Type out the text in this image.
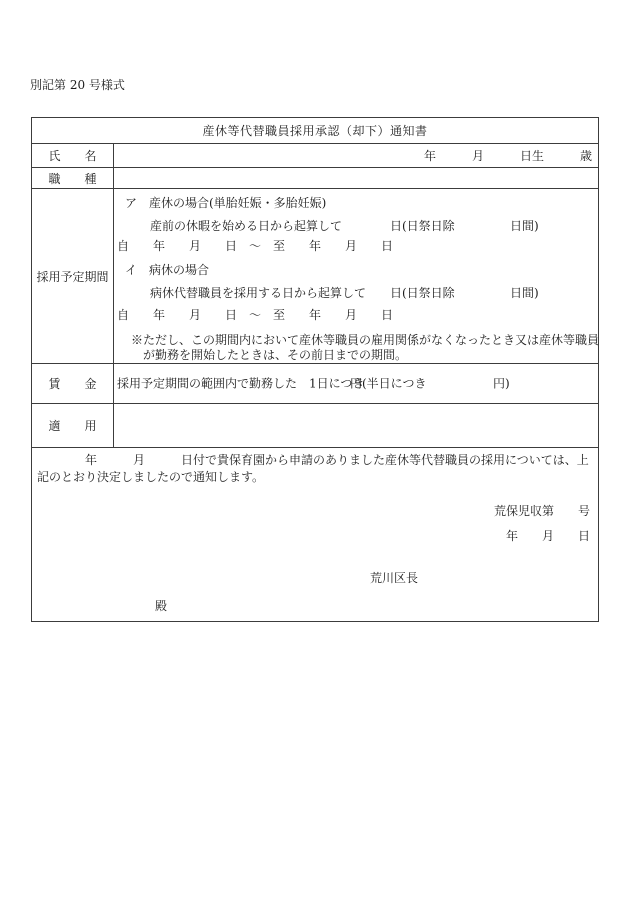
別記第 20 号様式
産休等代替職員採用承認（却下）通知書
氏　　名	年　　　月　　　日生　　　歳
職　　種
採用予定期間
ア　産休の場合(単胎妊娠・多胎妊娠)
産前の休暇を始める日から起算して	日(日祭日除	日間)
自　　年　　月　　日　～　至　　年　　月　　日
イ　病休の場合
病休代替職員を採用する日から起算して 日(日祭日除	日間)
自　　年　　月　　日　～　至　　年　　月　　日
※ただし、この期間内において産休等職員の雇用関係がなくなったとき又は産休等職員
が勤務を開始したときは、その前日までの期間。
賃　　金	採用予定期間の範囲内で勤務した　1日につき
円(半日につき	円)
適　　用

　　　　年　　　月　　　日付で貴保育園から申請のありました産休等代替職員の採用については、上記のとおり決定しましたので通知します。

荒保児収第　　号
年　　月　　日
荒川区長
殿
